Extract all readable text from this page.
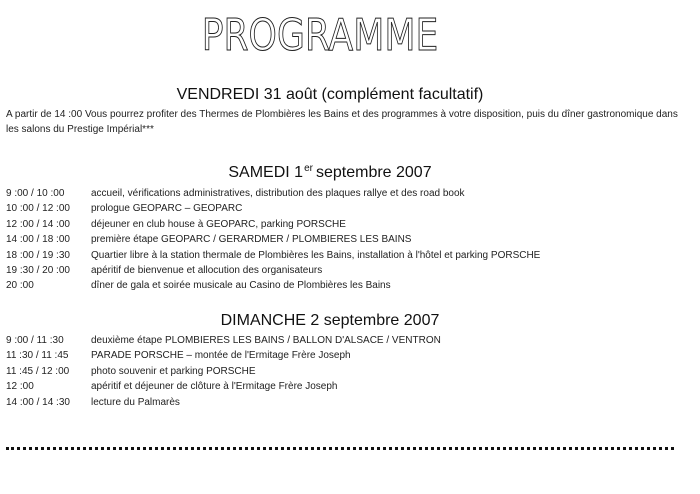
PROGRAMME
VENDREDI 31 août (complément facultatif)
A partir de 14 :00 Vous pourrez profiter des Thermes de Plombières les Bains et des programmes à votre disposition, puis du dîner gastronomique dans les salons du Prestige Impérial***
SAMEDI 1er septembre 2007
9 :00 / 10 :00	accueil, vérifications administratives, distribution des plaques rallye et des road book
10 :00 / 12 :00	prologue GEOPARC – GEOPARC
12 :00 / 14 :00	déjeuner en club house à GEOPARC, parking PORSCHE
14 :00 / 18 :00	première étape GEOPARC / GERARDMER / PLOMBIERES LES BAINS
18 :00 / 19 :30	Quartier libre à la station thermale de Plombières les Bains, installation à l'hôtel et parking PORSCHE
19 :30 / 20 :00	apéritif de bienvenue et allocution des organisateurs
20 :00	dîner de gala et soirée musicale au Casino de Plombières les Bains
DIMANCHE 2 septembre 2007
9 :00 / 11 :30	deuxième étape PLOMBIERES LES BAINS / BALLON D'ALSACE / VENTRON
11 :30 / 11 :45	PARADE PORSCHE – montée de l'Ermitage Frère Joseph
11 :45 / 12 :00	photo souvenir et parking PORSCHE
12 :00	apéritif et déjeuner de clôture à l'Ermitage Frère Joseph
14 :00 / 14 :30	lecture du Palmarès
